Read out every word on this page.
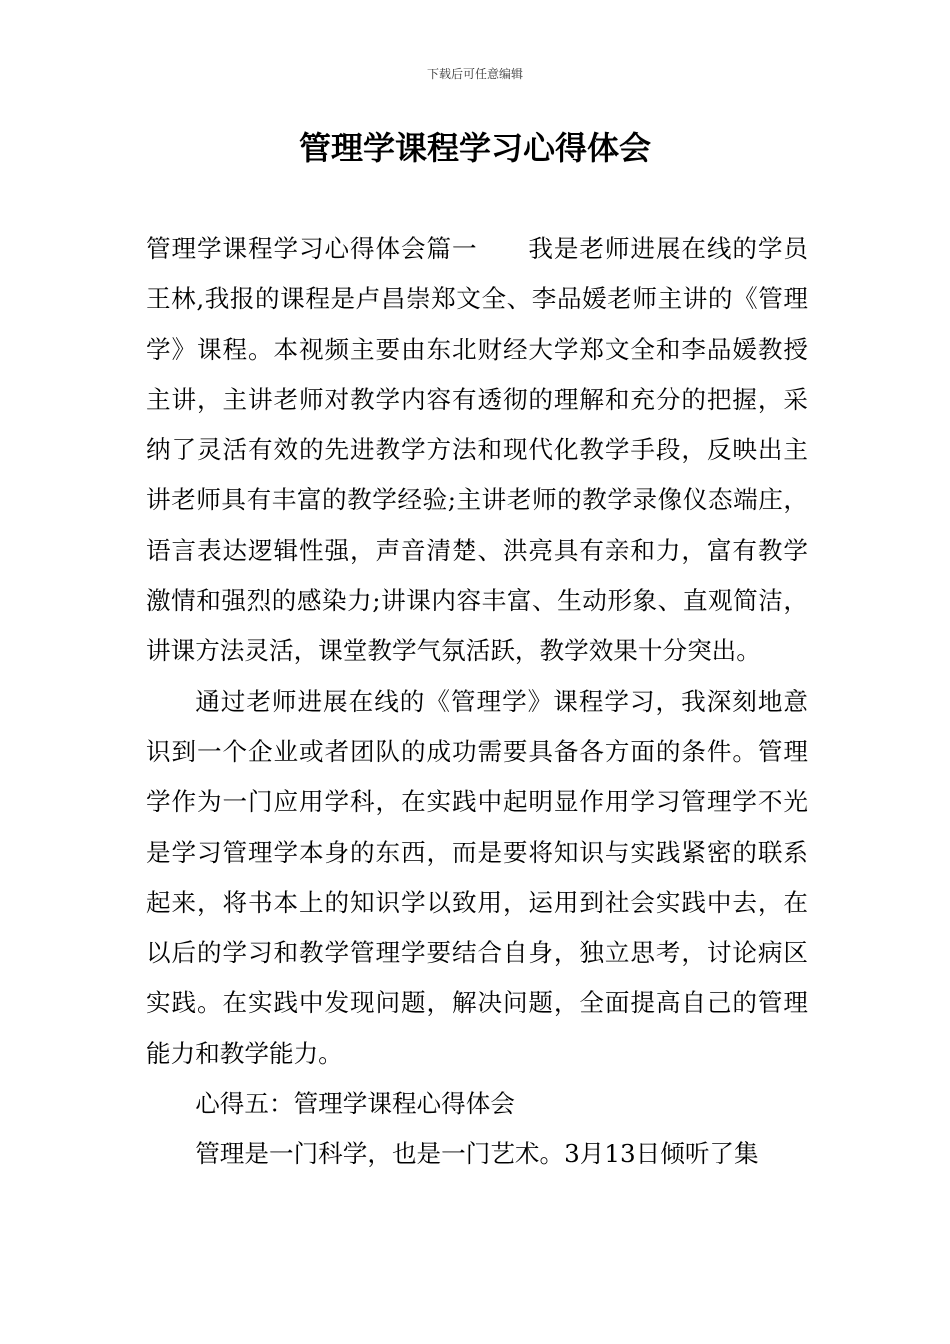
下载后可任意编辑
管理学课程学习心得体会

管理学课程学习心得体会篇一　　我是老师进展在线的学员王林,我报的课程是卢昌崇郑文全、李品媛老师主讲的《管理学》课程。本视频主要由东北财经大学郑文全和李品媛教授主讲，主讲老师对教学内容有透彻的理解和充分的把握，采纳了灵活有效的先进教学方法和现代化教学手段，反映出主讲老师具有丰富的教学经验;主讲老师的教学录像仪态端庄，语言表达逻辑性强，声音清楚、洪亮具有亲和力，富有教学激情和强烈的感染力;讲课内容丰富、生动形象、直观简洁，讲课方法灵活，课堂教学气氛活跃，教学效果十分突出。

通过老师进展在线的《管理学》课程学习，我深刻地意识到一个企业或者团队的成功需要具备各方面的条件。管理学作为一门应用学科，在实践中起明显作用学习管理学不光是学习管理学本身的东西，而是要将知识与实践紧密的联系起来，将书本上的知识学以致用，运用到社会实践中去，在以后的学习和教学管理学要结合自身，独立思考，讨论病区实践。在实践中发现问题，解决问题，全面提高自己的管理能力和教学能力。

心得五：管理学课程心得体会

管理是一门科学，也是一门艺术。3月13日倾听了集
